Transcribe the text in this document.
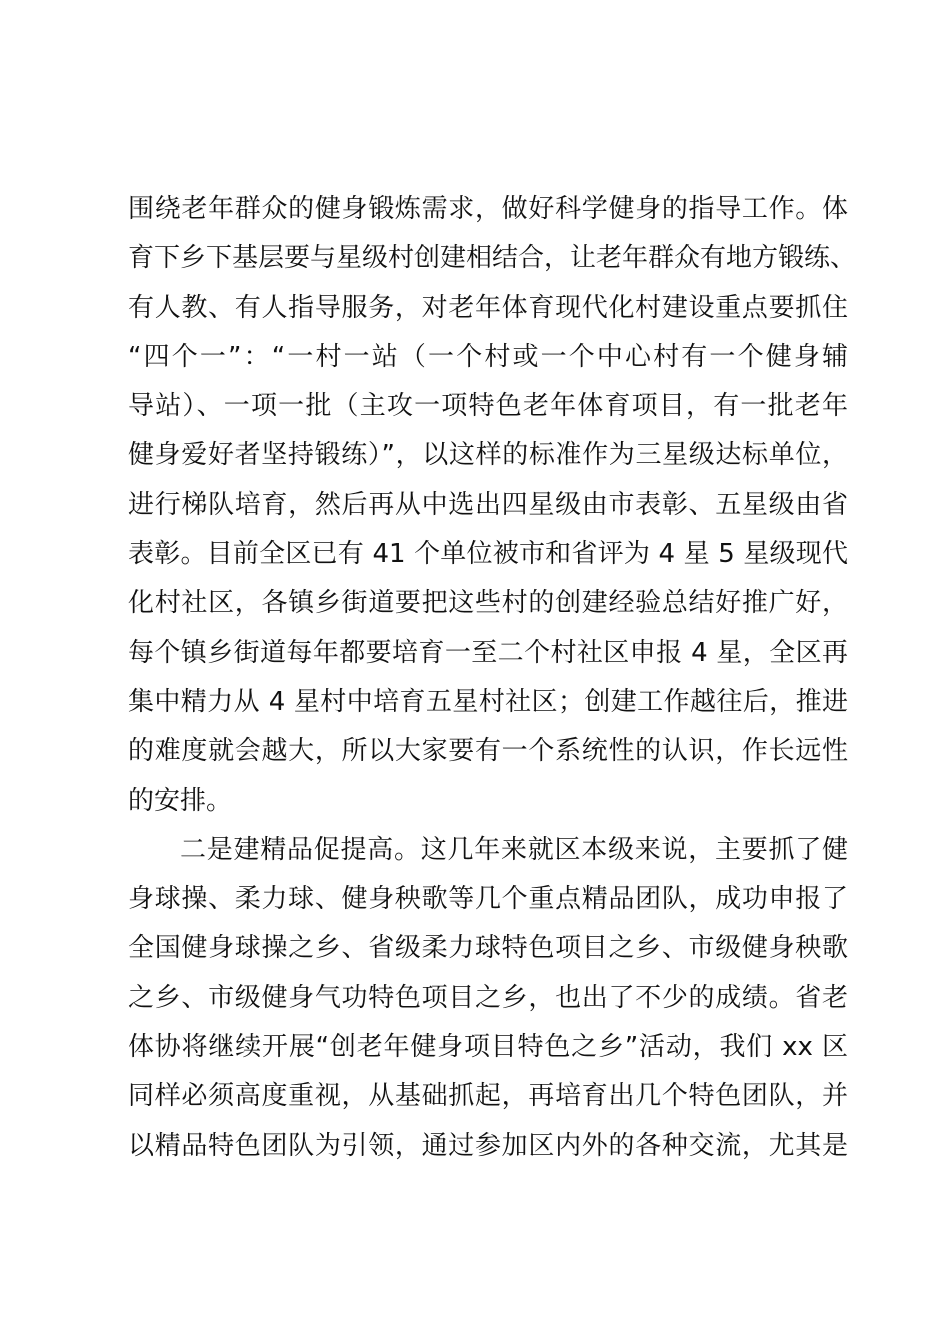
围绕老年群众的健身锻炼需求，做好科学健身的指导工作。体
育下乡下基层要与星级村创建相结合，让老年群众有地方锻练、
有人教、有人指导服务，对老年体育现代化村建设重点要抓住
“四个一”：“一村一站（一个村或一个中心村有一个健身辅
导站）、一项一批（主攻一项特色老年体育项目，有一批老年
健身爱好者坚持锻练）”，以这样的标准作为三星级达标单位，
进行梯队培育，然后再从中选出四星级由市表彰、五星级由省
表彰。目前全区已有 41 个单位被市和省评为 4 星 5 星级现代
化村社区，各镇乡街道要把这些村的创建经验总结好推广好，
每个镇乡街道每年都要培育一至二个村社区申报 4 星，全区再
集中精力从 4 星村中培育五星村社区；创建工作越往后，推进
的难度就会越大，所以大家要有一个系统性的认识，作长远性
的安排。
二是建精品促提高。这几年来就区本级来说，主要抓了健
身球操、柔力球、健身秧歌等几个重点精品团队，成功申报了
全国健身球操之乡、省级柔力球特色项目之乡、市级健身秧歌
之乡、市级健身气功特色项目之乡，也出了不少的成绩。省老
体协将继续开展“创老年健身项目特色之乡”活动，我们 xx 区
同样必须高度重视，从基础抓起，再培育出几个特色团队，并
以精品特色团队为引领，通过参加区内外的各种交流，尤其是
